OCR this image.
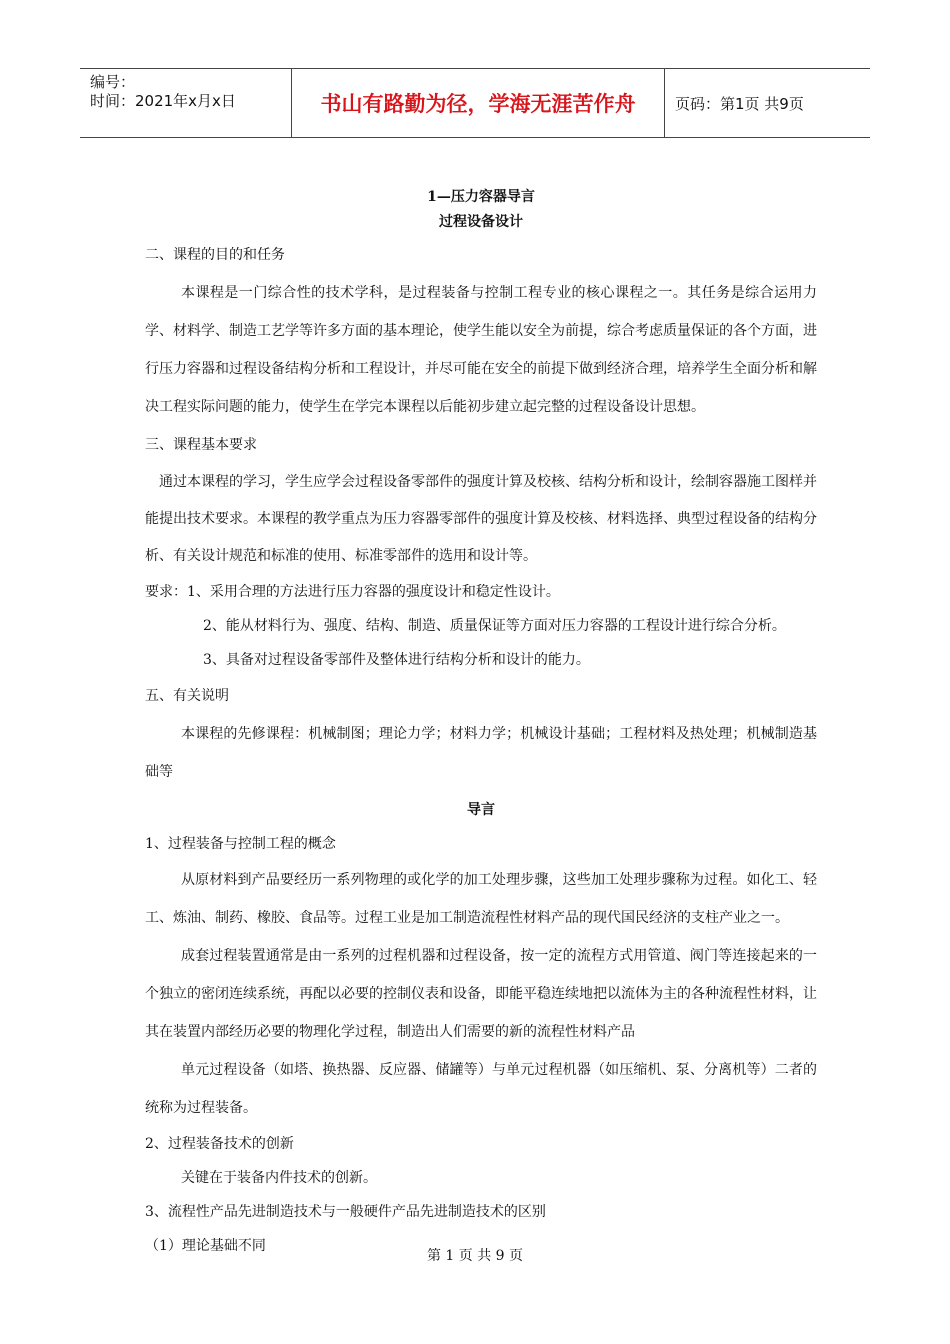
编号：
时间：2021年x月x日	书山有路勤为径，学海无涯苦作舟	页码：第1页 共9页
1—压力容器导言
过程设备设计
二、课程的目的和任务
本课程是一门综合性的技术学科，是过程装备与控制工程专业的核心课程之一。其任务是综合运用力学、材料学、制造工艺学等许多方面的基本理论，使学生能以安全为前提，综合考虑质量保证的各个方面，进行压力容器和过程设备结构分析和工程设计，并尽可能在安全的前提下做到经济合理，培养学生全面分析和解决工程实际问题的能力，使学生在学完本课程以后能初步建立起完整的过程设备设计思想。
三、课程基本要求
通过本课程的学习，学生应学会过程设备零部件的强度计算及校核、结构分析和设计，绘制容器施工图样并能提出技术要求。本课程的教学重点为压力容器零部件的强度计算及校核、材料选择、典型过程设备的结构分析、有关设计规范和标准的使用、标准零部件的选用和设计等。
要求：1、采用合理的方法进行压力容器的强度设计和稳定性设计。
2、能从材料行为、强度、结构、制造、质量保证等方面对压力容器的工程设计进行综合分析。
3、具备对过程设备零部件及整体进行结构分析和设计的能力。
五、有关说明
本课程的先修课程：机械制图；理论力学；材料力学；机械设计基础；工程材料及热处理；机械制造基础等
导言
1、过程装备与控制工程的概念
从原材料到产品要经历一系列物理的或化学的加工处理步骤，这些加工处理步骤称为过程。如化工、轻工、炼油、制药、橡胶、食品等。过程工业是加工制造流程性材料产品的现代国民经济的支柱产业之一。
成套过程装置通常是由一系列的过程机器和过程设备，按一定的流程方式用管道、阀门等连接起来的一个独立的密闭连续系统，再配以必要的控制仪表和设备，即能平稳连续地把以流体为主的各种流程性材料，让其在装置内部经历必要的物理化学过程，制造出人们需要的新的流程性材料产品
单元过程设备（如塔、换热器、反应器、储罐等）与单元过程机器（如压缩机、泵、分离机等）二者的统称为过程装备。
2、过程装备技术的创新
关键在于装备内件技术的创新。
3、流程性产品先进制造技术与一般硬件产品先进制造技术的区别
（1）理论基础不同
第 1 页 共 9 页
